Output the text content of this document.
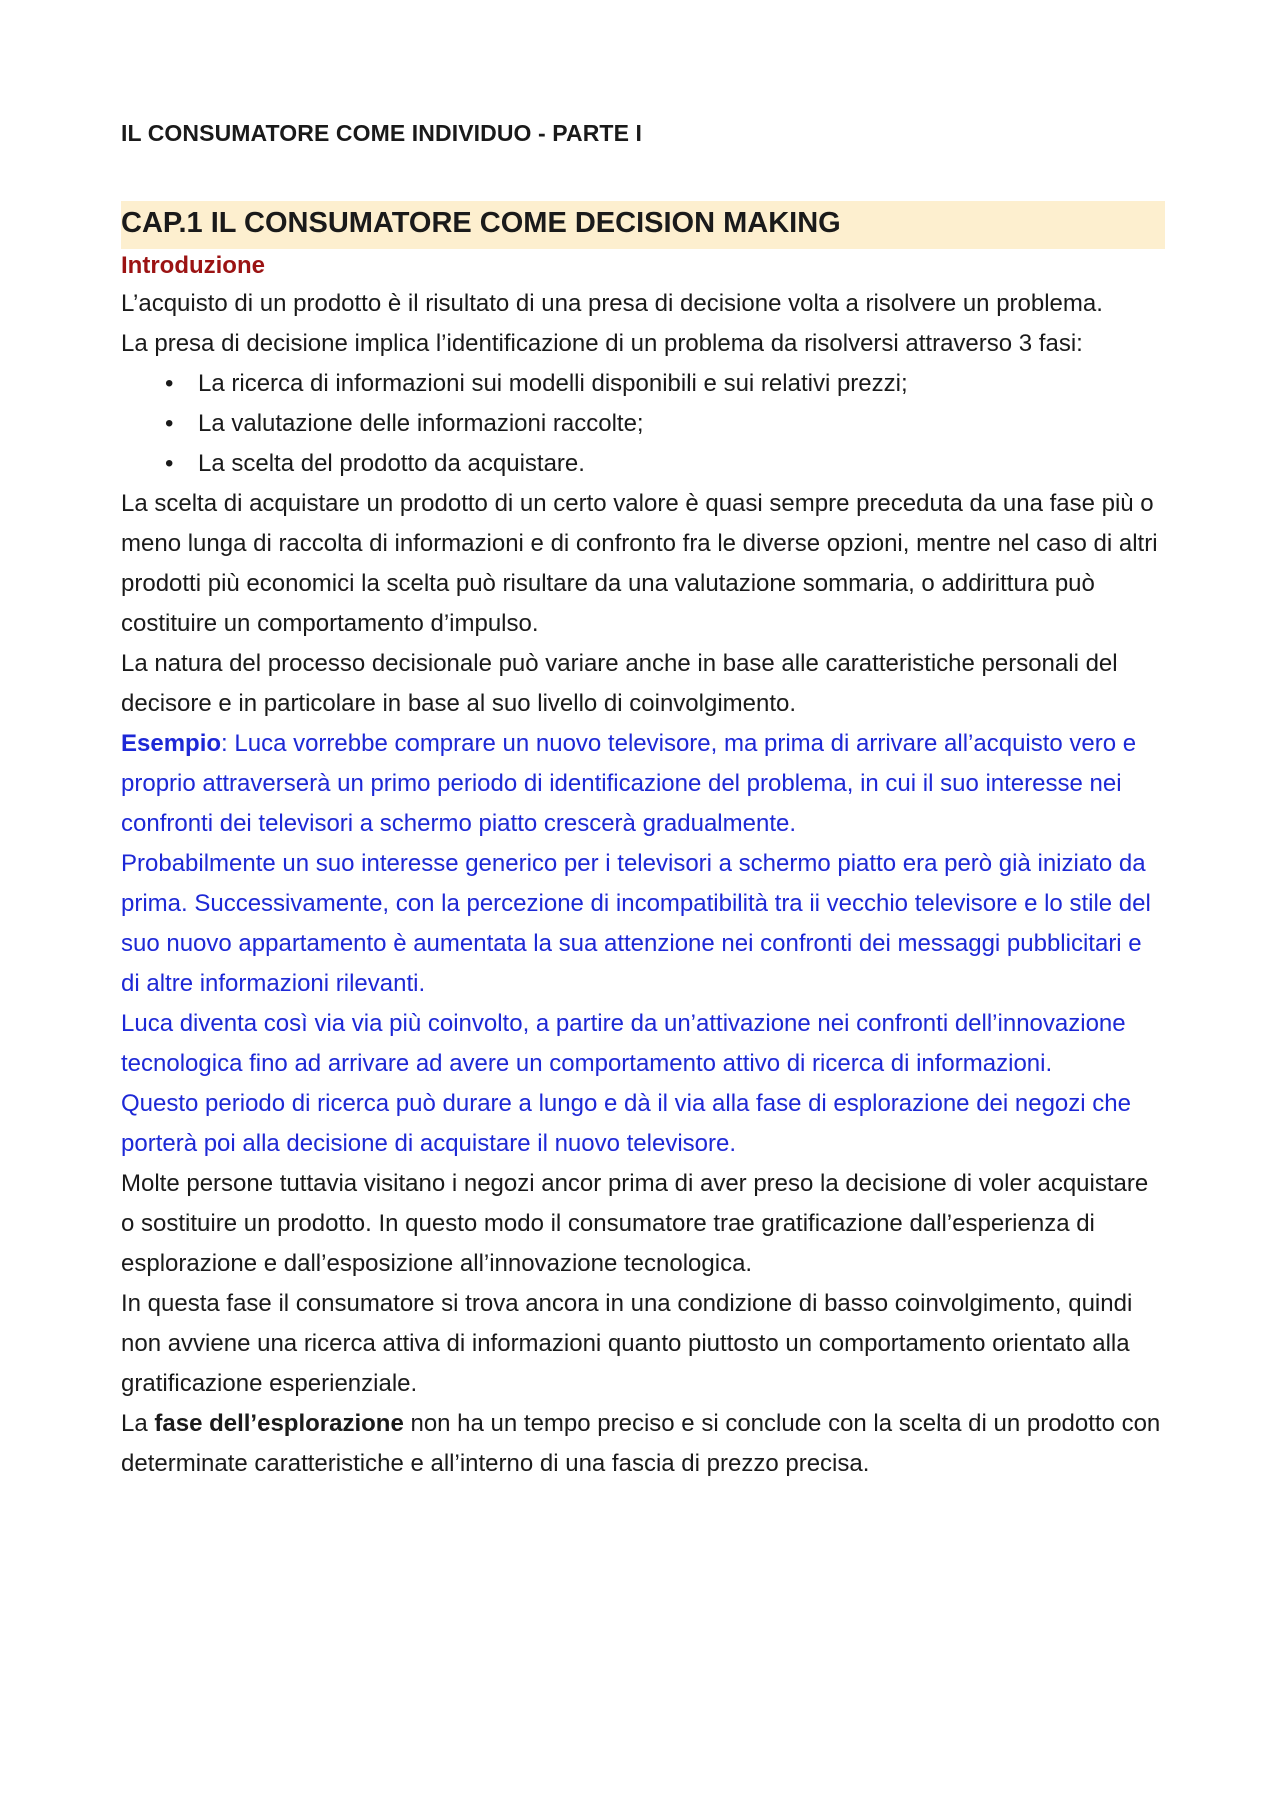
IL CONSUMATORE COME INDIVIDUO - PARTE I
CAP.1 IL CONSUMATORE COME DECISION MAKING
Introduzione

L’acquisto di un prodotto è il risultato di una presa di decisione volta a risolvere un problema.

La presa di decisione implica l’identificazione di un problema da risolversi attraverso 3 fasi:

• La ricerca di informazioni sui modelli disponibili e sui relativi prezzi;
• La valutazione delle informazioni raccolte;
• La scelta del prodotto da acquistare.

La scelta di acquistare un prodotto di un certo valore è quasi sempre preceduta da una fase più o meno lunga di raccolta di informazioni e di confronto fra le diverse opzioni, mentre nel caso di altri prodotti più economici la scelta può risultare da una valutazione sommaria, o addirittura può costituire un comportamento d’impulso.

La natura del processo decisionale può variare anche in base alle caratteristiche personali del decisore e in particolare in base al suo livello di coinvolgimento.

Esempio: Luca vorrebbe comprare un nuovo televisore, ma prima di arrivare all’acquisto vero e proprio attraverserà un primo periodo di identificazione del problema, in cui il suo interesse nei confronti dei televisori a schermo piatto crescerà gradualmente.

Probabilmente un suo interesse generico per i televisori a schermo piatto era però già iniziato da prima. Successivamente, con la percezione di incompatibilità tra ii vecchio televisore e lo stile del suo nuovo appartamento è aumentata la sua attenzione nei confronti dei messaggi pubblicitari e di altre informazioni rilevanti.

Luca diventa così via via più coinvolto, a partire da un’attivazione nei confronti dell’innovazione tecnologica fino ad arrivare ad avere un comportamento attivo di ricerca di informazioni.

Questo periodo di ricerca può durare a lungo e dà il via alla fase di esplorazione dei negozi che porterà poi alla decisione di acquistare il nuovo televisore.

Molte persone tuttavia visitano i negozi ancor prima di aver preso la decisione di voler acquistare o sostituire un prodotto. In questo modo il consumatore trae gratificazione dall’esperienza di esplorazione e dall’esposizione all’innovazione tecnologica.

In questa fase il consumatore si trova ancora in una condizione di basso coinvolgimento, quindi non avviene una ricerca attiva di informazioni quanto piuttosto un comportamento orientato alla gratificazione esperienziale.

La fase dell’esplorazione non ha un tempo preciso e si conclude con la scelta di un prodotto con determinate caratteristiche e all’interno di una fascia di prezzo precisa.
